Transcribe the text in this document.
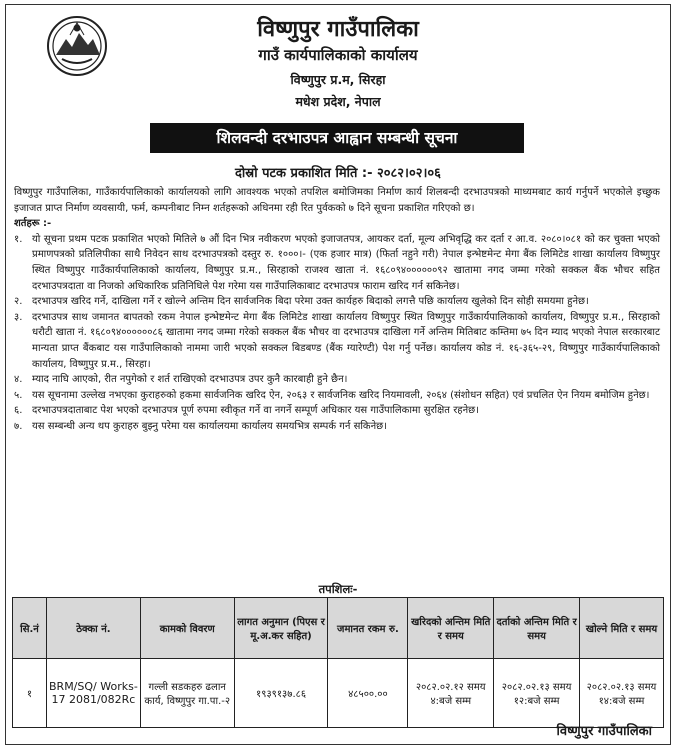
विष्णुपुर गाउँपालिका
गाउँ कार्यपालिकाको कार्यालय
विष्णुपुर प्र.म, सिरहा
मधेश प्रदेश, नेपाल
शिलवन्दी दरभाउपत्र आह्वान सम्बन्धी सूचना
दोस्रो पटक प्रकाशित मिति :- २०८२।०२।०६

विष्णुपुर गाउँपालिका, गाउँकार्यपालिकाको कार्यालयको लागि आवश्यक भएको तपशिल बमोजिमका निर्माण कार्य शिलबन्दी दरभाउपत्रको माध्यमबाट कार्य गर्नुपर्ने भएकोले इच्छुक इजाजत प्राप्त निर्माण व्यवसायी, फर्म, कम्पनीबाट निम्न शर्तहरूको अधिनमा रही रित पुर्वकको ७ दिने सूचना प्रकाशित गरिएको छ।

शर्तहरू :-

१. यो सूचना प्रथम पटक प्रकाशित भएको मितिले ७ औं दिन भित्र नवीकरण भएको इजाजतपत्र, आयकर दर्ता, मूल्य अभिवृद्धि कर दर्ता र आ.व. २०८०।०८१ को कर चुक्ता भएको प्रमाणपत्रको प्रतिलिपीका साथै निवेदन साथ दरभाउपत्रको दस्तुर रु. १०००।- (एक हजार मात्र) (फिर्ता नहुने गरी) नेपाल इन्भेष्टमेन्ट मेगा बैंक लिमिटेड शाखा कार्यालय विष्णुपुर स्थित विष्णुपुर गाउँकार्यपालिकाको कार्यालय, विष्णुपुर प्र.म., सिरहाको राजश्व खाता नं. १६८०९४००००००९२ खातामा नगद जम्मा गरेको सक्कल बैंक भौचर सहित दरभाउपत्रदाता वा निजको अधिकारिक प्रतिनिधिले पेश गरेमा यस गाउँपालिकाबाट दरभाउपत्र फाराम खरिद गर्न सकिनेछ।
२. दरभाउपत्र खरिद गर्ने, दाखिला गर्ने र खोल्ने अन्तिम दिन सार्वजनिक बिदा परेमा उक्त कार्यहरु बिदाको लगत्तै पछि कार्यालय खुलेको दिन सोही समयमा हुनेछ।
३. दरभाउपत्र साथ जमानत बापतको रकम नेपाल इन्भेष्टमेन्ट मेगा बैंक लिमिटेड शाखा कार्यालय विष्णुपुर स्थित विष्णुपुर गाउँकार्यपालिकाको कार्यालय, विष्णुपुर प्र.म., सिरहाको धरौटी खाता नं. १६८०९४००००००८६ खातामा नगद जम्मा गरेको सक्कल बैंक भौचर वा दरभाउपत्र दाखिला गर्ने अन्तिम मितिबाट कम्तिमा ७५ दिन म्याद भएको नेपाल सरकारबाट मान्यता प्राप्त बैंकबाट यस गाउँपालिकाको नाममा जारी भएको सक्कल बिडबण्ड (बैंक ग्यारेण्टी) पेश गर्नु पर्नेछ। कार्यालय कोड नं. १६-३६५-२९, विष्णुपुर गाउँकार्यपालिकाको कार्यालय, विष्णुपुर प्र.म., सिरहा।
४. म्याद नाघि आएको, रीत नपुगेको र शर्त राखिएको दरभाउपत्र उपर कुनै कारबाही हुने छैन।
५. यस सूचनामा उल्लेख नभएका कुराहरुको हकमा सार्वजनिक खरिद ऐन, २०६३ र सार्वजनिक खरिद नियमावली, २०६४ (संशोधन सहित) एवं प्रचलित ऐन नियम बमोजिम हुनेछ।
६. दरभाउपत्रदाताबाट पेश भएको दरभाउपत्र पूर्ण रुपमा स्वीकृत गर्ने वा नगर्ने सम्पूर्ण अधिकार यस गाउँपालिकामा सुरक्षित रहनेछ।
७. यस सम्बन्धी अन्य थप कुराहरु बुझ्नु परेमा यस कार्यालयमा कार्यालय समयभित्र सम्पर्क गर्न सकिनेछ।
तपशिलः-
सि.नं	ठेक्का नं.	कामको विवरण	लागत अनुमान (पिएस र मू.अ.कर सहित)	जमानत रकम रु.	खरिदको अन्तिम मिति र समय	दर्ताको अन्तिम मिति र समय	खोल्ने मिति र समय
१	BRM/SQ/ Works-17 2081/082Rc	गल्ली सडकहरु ढलान कार्य, विष्णुपुर गा.पा.-२	१९३९१३७.८६	४८५००.००	२०८२.०२.१२ समय ४:बजे सम्म	२०८२.०२.१३ समय १२:बजे सम्म	२०८२.०२.१३ समय १४:बजे सम्म
विष्णुपुर गाउँपालिका
